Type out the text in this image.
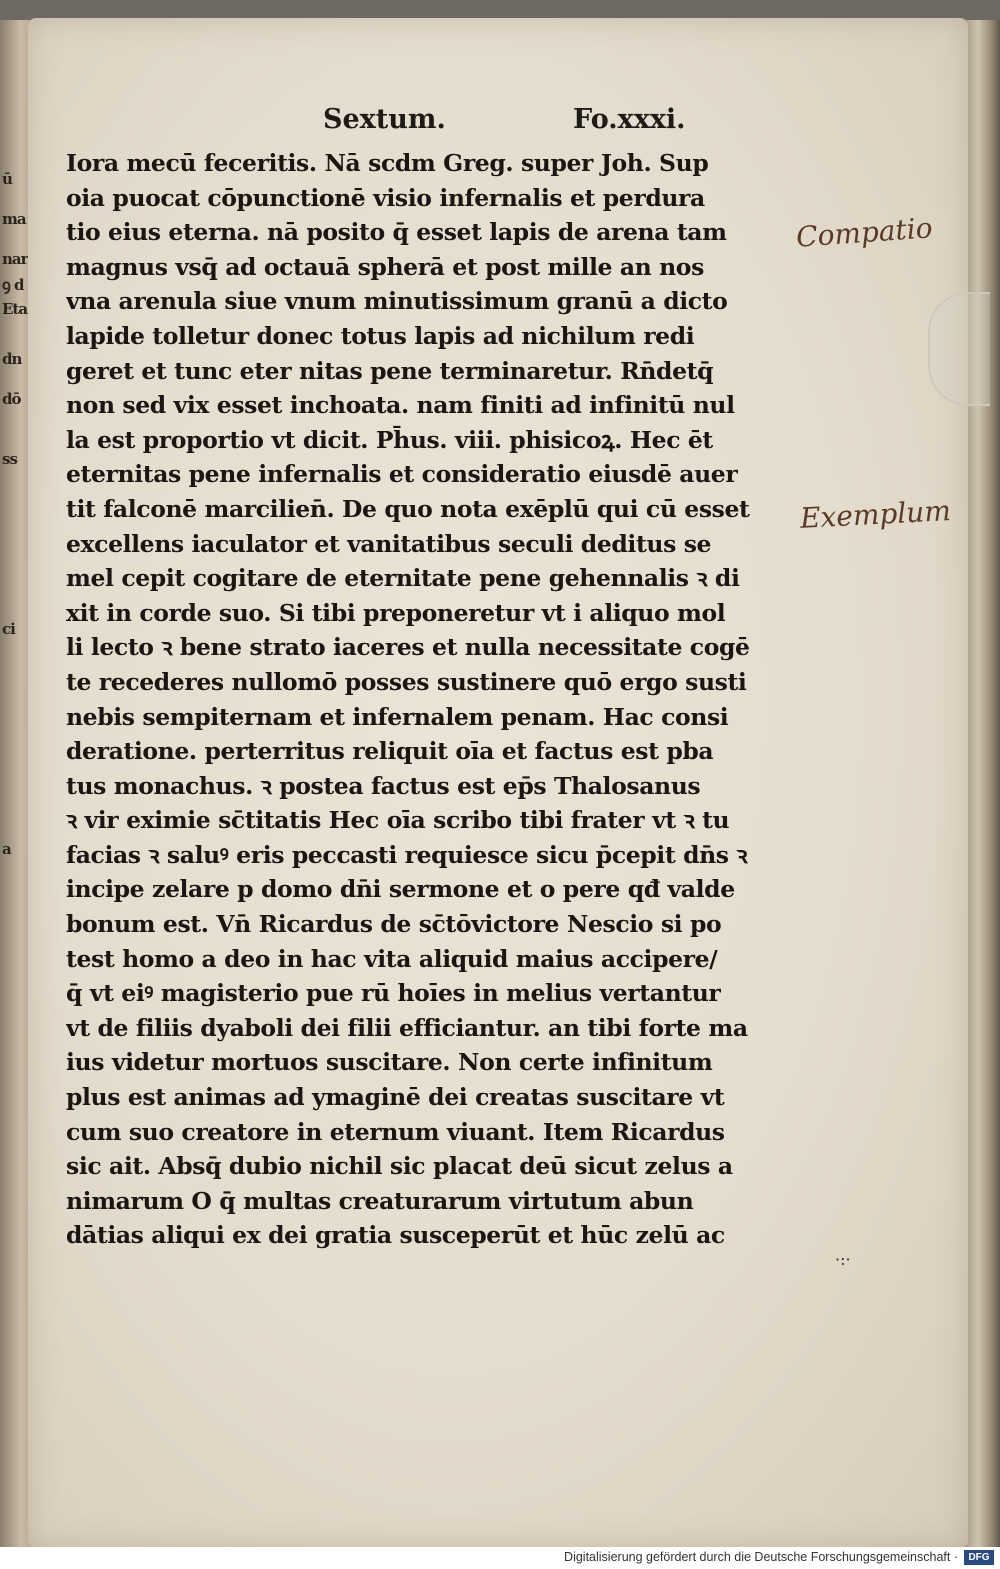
ū
ma
nar
ꝯ d
Eta
dn
dō
ss
ci
a
Sextum.	Fo.xxxi.
Iora mecū feceritis. Nā scdm Greg. super Joh. Sup
oia puocat cōpunctionē visio infernalis et perdura
tio eius eterna. nā posito q̄ esset lapis de arena tam
magnus vsq̄ ad octauā spherā et post mille an nos
vna arenula siue vnum minutissimum granū a dicto
lapide tolletur donec totus lapis ad nichilum redi
geret et tunc eter nitas pene terminaretur. Rn̄detq̄
non sed vix esset inchoata. nam finiti ad infinitū nul
la est proportio vt dicit. Ph̄us. viii. phisicoꝝ. Hec ēt
eternitas pene infernalis et consideratio eiusdē auer
tit falconē marcilien̄. De quo nota exēplū qui cū esset
excellens iaculator et vanitatibus seculi deditus se
mel cepit cogitare de eternitate pene gehennalis ꝛ di
xit in corde suo. Si tibi preponeretur vt i aliquo mol
li lecto ꝛ bene strato iaceres et nulla necessitate cogē
te recederes nullomō posses sustinere quō ergo susti
nebis sempiternam et infernalem penam. Hac consi
deratione. perterritus reliquit oīa et factus est pba
tus monachus. ꝛ postea factus est ep̄s Thalosanus
ꝛ vir eximie sc̄titatis Hec oīa scribo tibi frater vt ꝛ tu
facias ꝛ saluꝰ eris peccasti requiesce sicu p̄cepit dn̄s ꝛ
incipe zelare p domo dn̄i sermone et o pere qđ valde
bonum est. Vn̄ Ricardus de sc̄tōvictore Nescio si po
test homo a deo in hac vita aliquid maius accipere/
q̄ vt eiꝰ magisterio pue rū hoīes in melius vertantur
vt de filiis dyaboli dei filii efficiantur. an tibi forte ma
ius videtur mortuos suscitare. Non certe infinitum
plus est animas ad ymaginē dei creatas suscitare vt
cum suo creatore in eternum viuant. Item Ricardus
sic ait. Absq̄ dubio nichil sic placat deū sicut zelus a
nimarum O q̄ multas creaturarum virtutum abun
dātias aliqui ex dei gratia susceperūt et hūc zelū ac
Compatio
Exemplum
·:·
Digitalisierung gefördert durch die Deutsche Forschungsgemeinschaft ·	DFG
